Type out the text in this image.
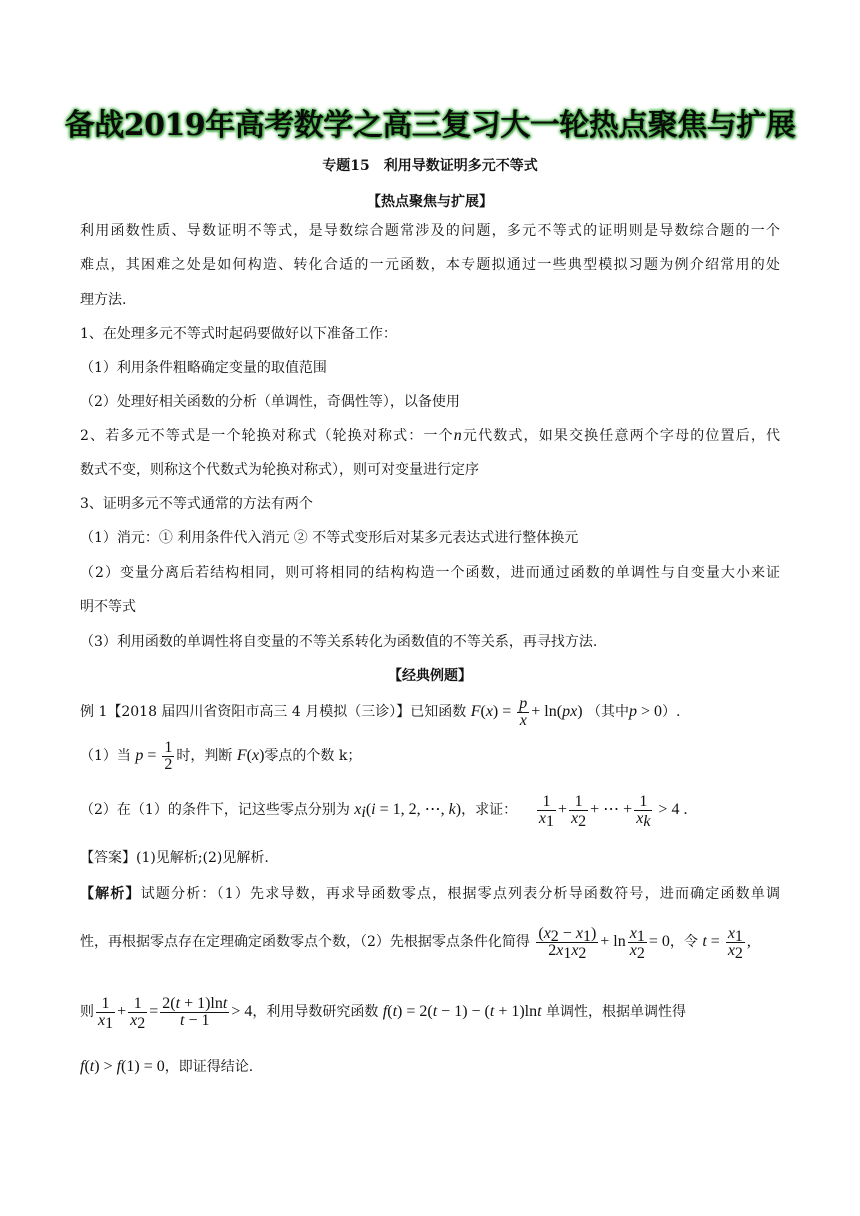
备战2019年高考数学之高三复习大一轮热点聚焦与扩展
专题15　利用导数证明多元不等式
【热点聚焦与扩展】
利用函数性质、导数证明不等式，是导数综合题常涉及的问题，多元不等式的证明则是导数综合题的一个
难点，其困难之处是如何构造、转化合适的一元函数，本专题拟通过一些典型模拟习题为例介绍常用的处
理方法.
1、在处理多元不等式时起码要做好以下准备工作：
（1）利用条件粗略确定变量的取值范围
（2）处理好相关函数的分析（单调性，奇偶性等），以备使用
2、若多元不等式是一个轮换对称式（轮换对称式：一个n元代数式，如果交换任意两个字母的位置后，代
数式不变，则称这个代数式为轮换对称式），则可对变量进行定序
3、证明多元不等式通常的方法有两个
（1）消元：① 利用条件代入消元 ② 不等式变形后对某多元表达式进行整体换元
（2）变量分离后若结构相同，则可将相同的结构构造一个函数，进而通过函数的单调性与自变量大小来证
明不等式
（3）利用函数的单调性将自变量的不等关系转化为函数值的不等关系，再寻找方法.
【经典例题】
例 1【2018 届四川省资阳市高三 4 月模拟（三诊）】已知函数 $F(x) = \frac{p}{x} + \ln(px)$ （其中p > 0）.
（1）当 $p = \frac{1}{2}$ 时，判断 F(x)零点的个数 k；
（2）在（1）的条件下，记这些零点分别为 $x_i(i = 1$, 2, ⋯, k)，求证： $\frac{1}{x_1} + \frac{1}{x_2}$ + ⋯ + $\frac{1}{x_k} > 4$ .
【答案】(1)见解析;(2)见解析.
【解析】试题分析：（1）先求导数，再求导函数零点，根据零点列表分析导函数符号，进而确定函数单调
性，再根据零点存在定理确定函数零点个数，（2）先根据零点条件化简得 $\frac{(x_2 - x_1)}{2x_1x_2} + \ln \frac{x_1}{x_2} = 0$，令 $t = \frac{x_1}{x_2}$ ,
则 $\frac{1}{x_1} + \frac{1}{x_2} = \frac{2(t + 1)\ln t}{t - 1} > 4$，利用导数研究函数 f(t) = 2(t − 1) − (t + 1)lnt 单调性，根据单调性得
f(t) > f(1) = 0，即证得结论.
